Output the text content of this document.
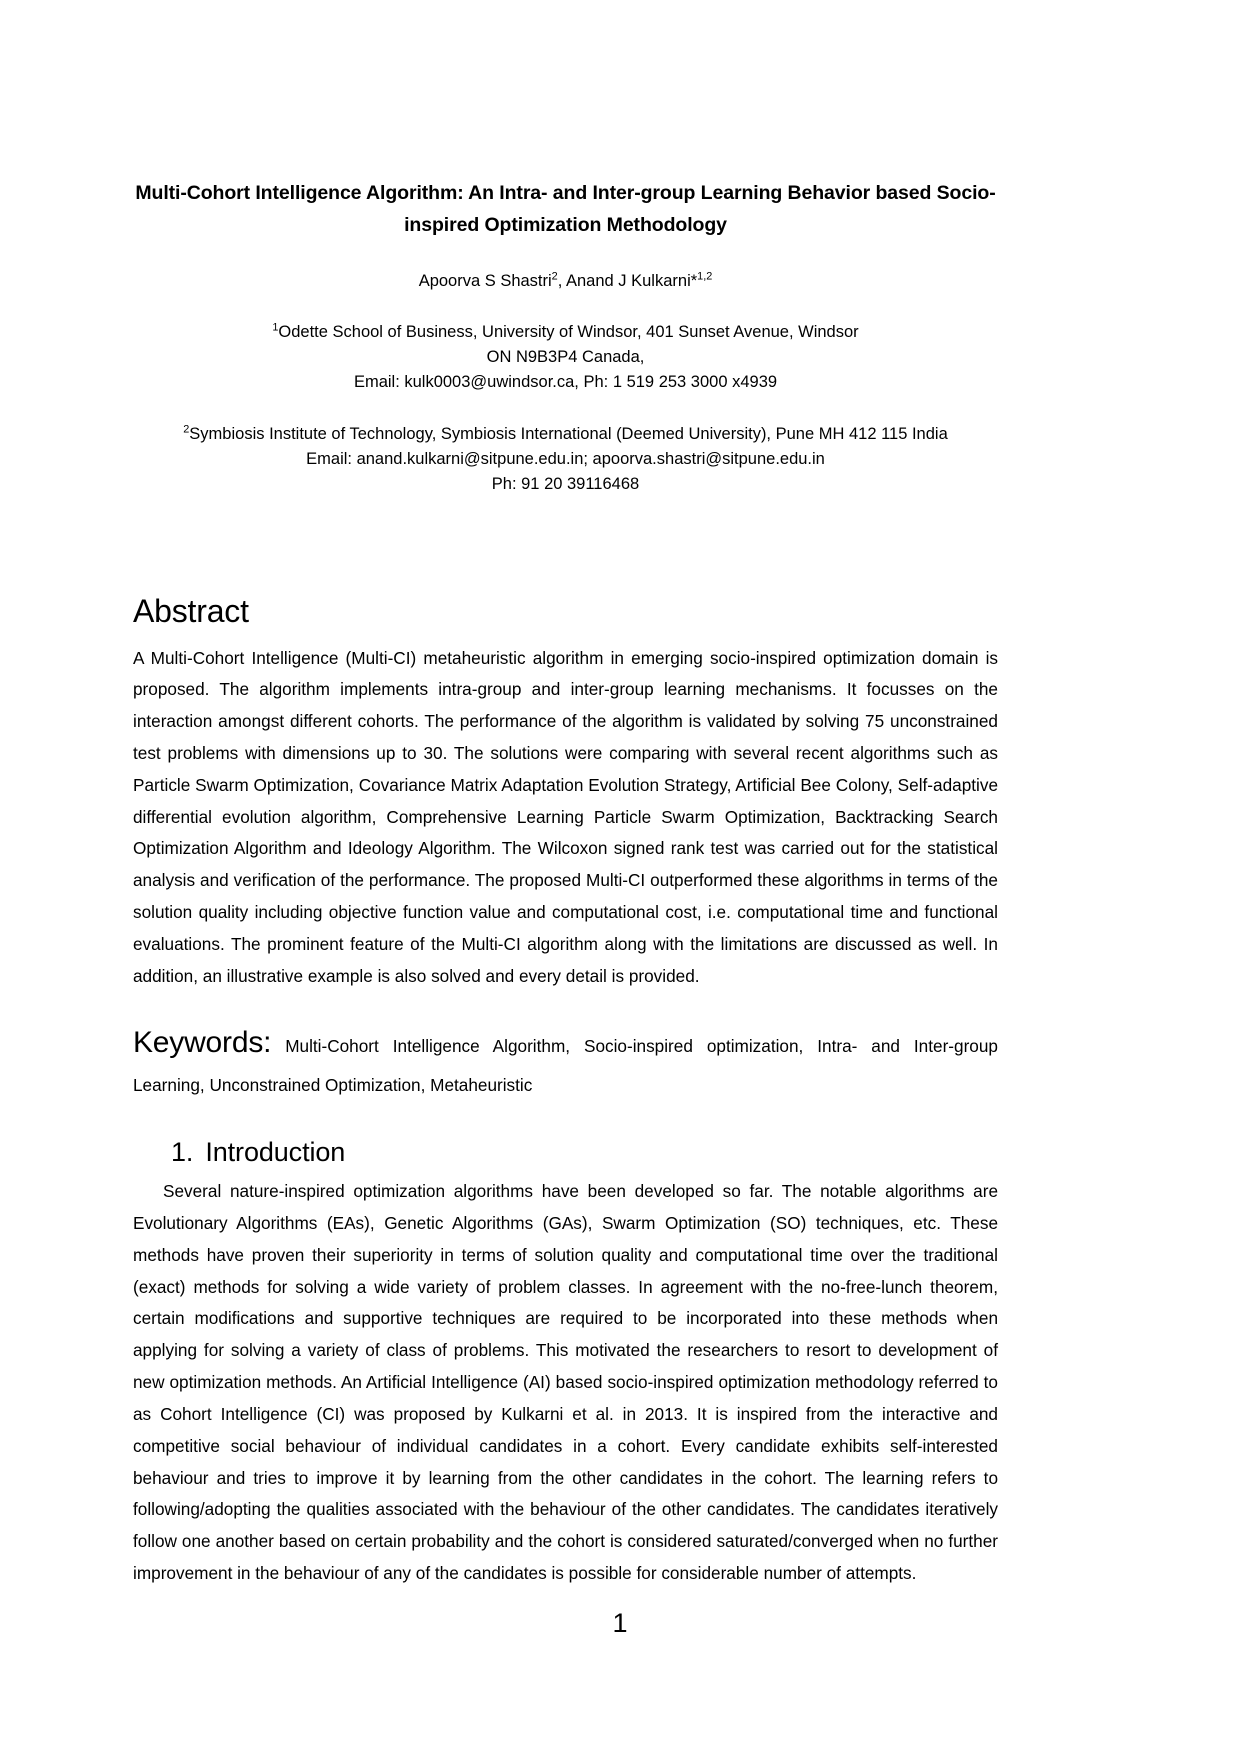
Multi-Cohort Intelligence Algorithm: An Intra- and Inter-group Learning Behavior based Socio-inspired Optimization Methodology

Apoorva S Shastri$^2$, Anand J Kulkarni*$^{1,2}$

$^1$Odette School of Business, University of Windsor, 401 Sunset Avenue, Windsor
ON N9B3P4 Canada,
Email: kulk0003@uwindsor.ca, Ph: 1 519 253 3000 x4939
$^2$Symbiosis Institute of Technology, Symbiosis International (Deemed University), Pune MH 412 115 India
Email: anand.kulkarni@sitpune.edu.in; apoorva.shastri@sitpune.edu.in
Ph: 91 20 39116468
Abstract

A Multi-Cohort Intelligence (Multi-CI) metaheuristic algorithm in emerging socio-inspired optimization domain is proposed. The algorithm implements intra-group and inter-group learning mechanisms. It focusses on the interaction amongst different cohorts. The performance of the algorithm is validated by solving 75 unconstrained test problems with dimensions up to 30. The solutions were comparing with several recent algorithms such as Particle Swarm Optimization, Covariance Matrix Adaptation Evolution Strategy, Artificial Bee Colony, Self-adaptive differential evolution algorithm, Comprehensive Learning Particle Swarm Optimization, Backtracking Search Optimization Algorithm and Ideology Algorithm. The Wilcoxon signed rank test was carried out for the statistical analysis and verification of the performance. The proposed Multi-CI outperformed these algorithms in terms of the solution quality including objective function value and computational cost, i.e. computational time and functional evaluations. The prominent feature of the Multi-CI algorithm along with the limitations are discussed as well. In addition, an illustrative example is also solved and every detail is provided.

Keywords: Multi-Cohort Intelligence Algorithm, Socio-inspired optimization, Intra- and Inter-group Learning, Unconstrained Optimization, Metaheuristic

1. Introduction

Several nature-inspired optimization algorithms have been developed so far. The notable algorithms are Evolutionary Algorithms (EAs), Genetic Algorithms (GAs), Swarm Optimization (SO) techniques, etc. These methods have proven their superiority in terms of solution quality and computational time over the traditional (exact) methods for solving a wide variety of problem classes. In agreement with the no-free-lunch theorem, certain modifications and supportive techniques are required to be incorporated into these methods when applying for solving a variety of class of problems. This motivated the researchers to resort to development of new optimization methods. An Artificial Intelligence (AI) based socio-inspired optimization methodology referred to as Cohort Intelligence (CI) was proposed by Kulkarni et al. in 2013. It is inspired from the interactive and competitive social behaviour of individual candidates in a cohort. Every candidate exhibits self-interested behaviour and tries to improve it by learning from the other candidates in the cohort. The learning refers to following/adopting the qualities associated with the behaviour of the other candidates. The candidates iteratively follow one another based on certain probability and the cohort is considered saturated/converged when no further improvement in the behaviour of any of the candidates is possible for considerable number of attempts.

1
